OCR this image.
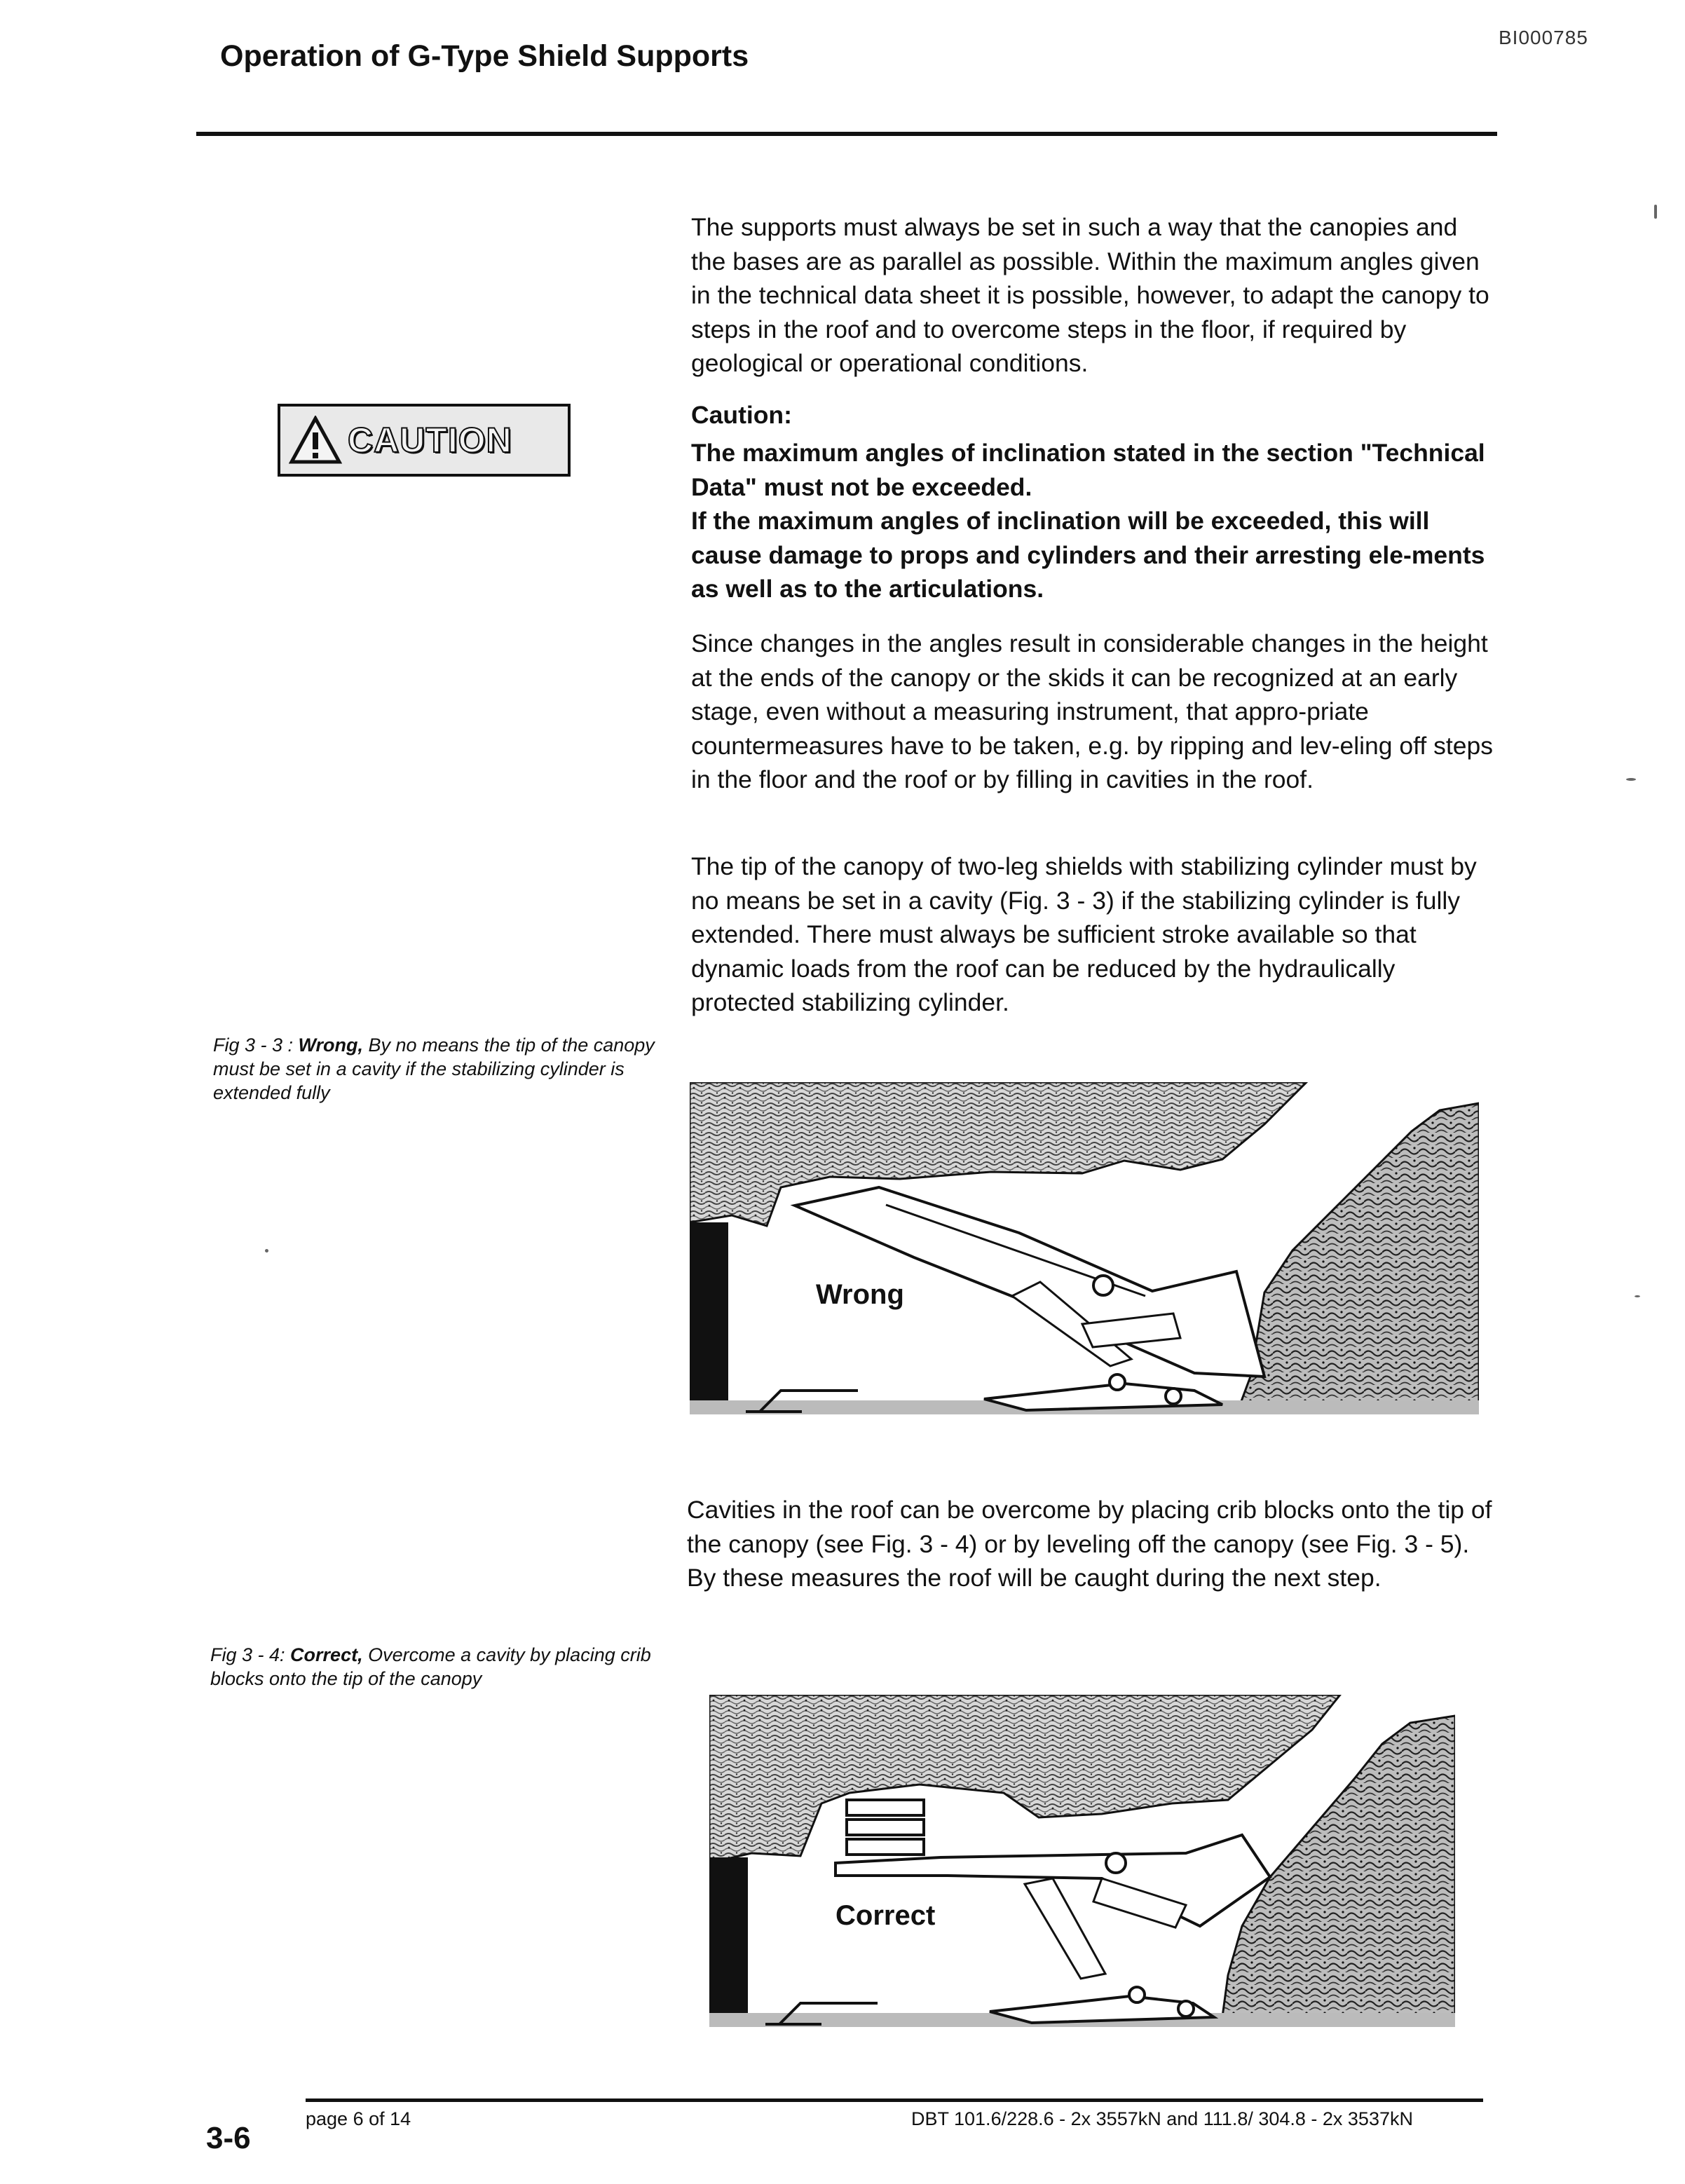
BI000785
Operation of G-Type Shield Supports
CAUTION
The supports must always be set in such a way that the canopies and the bases are as parallel as possible. Within the maximum angles given in the technical data sheet it is possible, however, to adapt the canopy to steps in the roof and to overcome steps in the floor, if required by geological or operational conditions.
Caution:
The maximum angles of inclination stated in the section "Technical Data" must not be exceeded.
If the maximum angles of inclination will be exceeded, this will cause damage to props and cylinders and their arresting ele-ments as well as to the articulations.
Since changes in the angles result in considerable changes in the height at the ends of the canopy or the skids it can be recognized at an early stage, even without a measuring instrument, that appro-priate countermeasures have to be taken, e.g. by ripping and lev-eling off steps in the floor and the roof or by filling in cavities in the roof.
The tip of the canopy of two-leg shields with stabilizing cylinder must by no means be set in a cavity (Fig. 3 - 3) if the stabilizing cylinder is fully extended. There must always be sufficient stroke available so that dynamic loads from the roof can be reduced by the hydraulically protected stabilizing cylinder.
Fig 3 - 3 : Wrong, By no means the tip of the canopy must be set in a cavity if the stabilizing cylinder is extended fully
Wrong
Cavities in the roof can be overcome by placing crib blocks onto the tip of the canopy (see Fig. 3 - 4) or by leveling off the canopy (see Fig. 3 - 5). By these measures the roof will be caught during the next step.
Fig 3 - 4: Correct, Overcome a cavity by placing crib blocks onto the tip of the canopy
Correct
page 6 of 14	DBT 101.6/228.6 - 2x 3557kN and 111.8/ 304.8 - 2x 3537kN
3-6
